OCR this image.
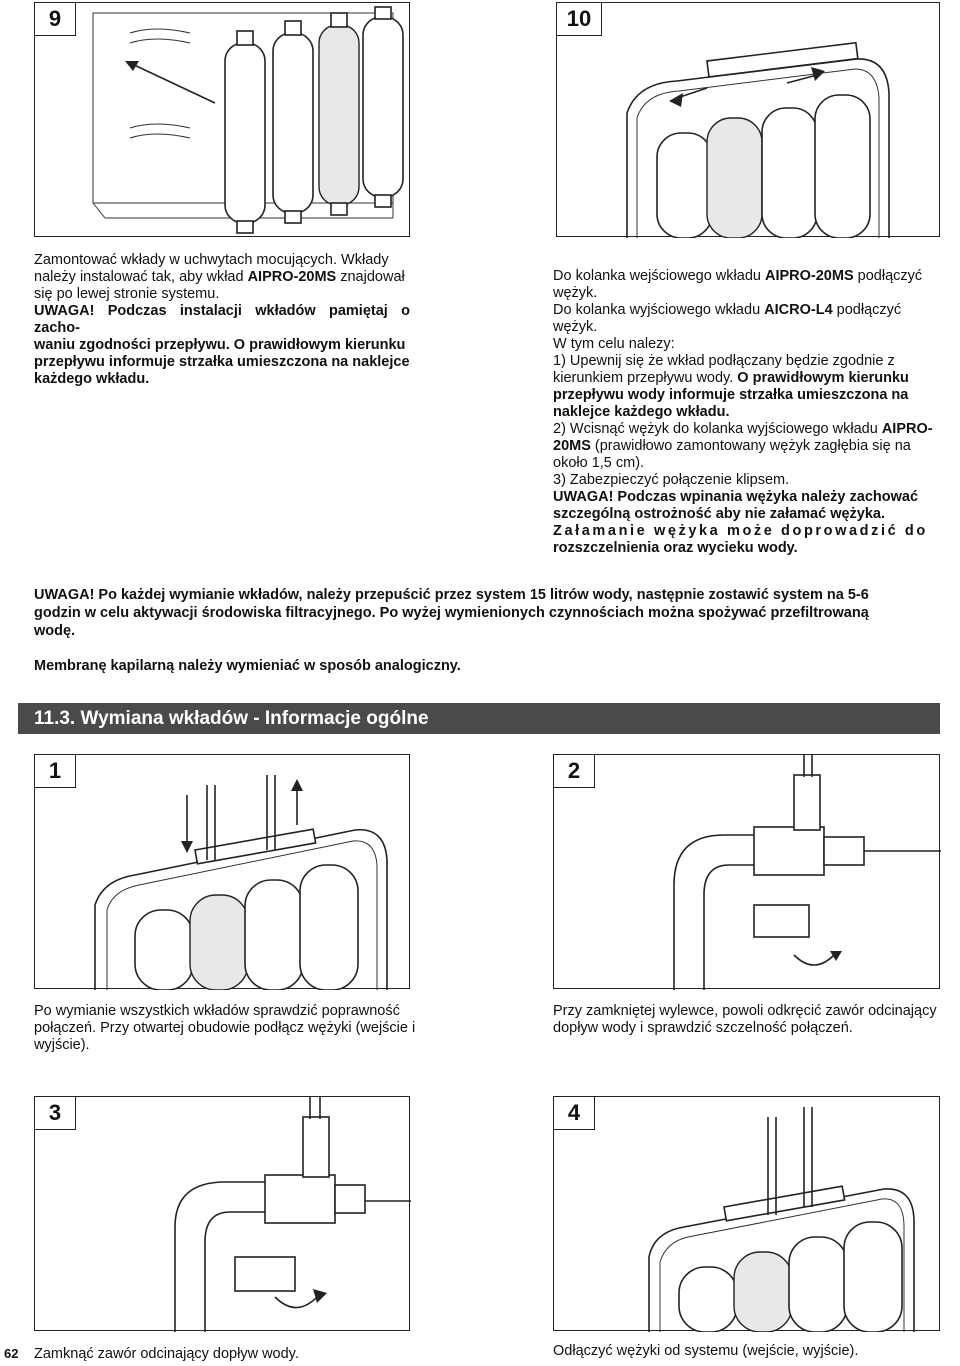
9	10
Zamontować wkłady w uchwytach mocujących. Wkłady
należy instalować tak, aby wkład AIPRO-20MS znajdował
się po lewej stronie systemu.
UWAGA! Podczas instalacji wkładów pamiętaj o zacho-
waniu zgodności przepływu. O prawidłowym kierunku
przepływu informuje strzałka umieszczona na naklejce
każdego wkładu.
Do kolanka wejściowego wkładu AIPRO-20MS podłączyć
wężyk.
Do kolanka wyjściowego wkładu AICRO-L4 podłączyć
wężyk.
W tym celu nalezy:
1) Upewnij się że wkład podłączany będzie zgodnie z
kierunkiem przepływu wody. O prawidłowym kierunku
przepływu wody informuje strzałka umieszczona na
naklejce każdego wkładu.
2) Wcisnąć wężyk do kolanka wyjściowego wkładu AIPRO-
20MS (prawidłowo zamontowany wężyk zagłębia się na
około 1,5 cm).
3) Zabezpieczyć połączenie klipsem.
UWAGA! Podczas wpinania wężyka należy zachować
szczególną ostrożność aby nie załamać wężyka.
Załamanie wężyka może doprowadzić do
rozszczelnienia oraz wycieku wody.
UWAGA! Po każdej wymianie wkładów, należy przepuścić przez system 15 litrów wody, następnie zostawić system na 5-6
godzin w celu aktywacji środowiska filtracyjnego. Po wyżej wymienionych czynnościach można spożywać przefiltrowaną
wodę.
Membranę kapilarną należy wymieniać w sposób analogiczny.
11.3. Wymiana wkładów - Informacje ogólne
1	2
Po wymianie wszystkich wkładów sprawdzić poprawność
połączeń. Przy otwartej obudowie podłącz wężyki (wejście i
wyjście).
Przy zamkniętej wylewce, powoli odkręcić zawór odcinający
dopływ wody i sprawdzić szczelność połączeń.
3	4
Zamknąć zawór odcinający dopływ wody.	Odłączyć wężyki od systemu (wejście, wyjście).
62
